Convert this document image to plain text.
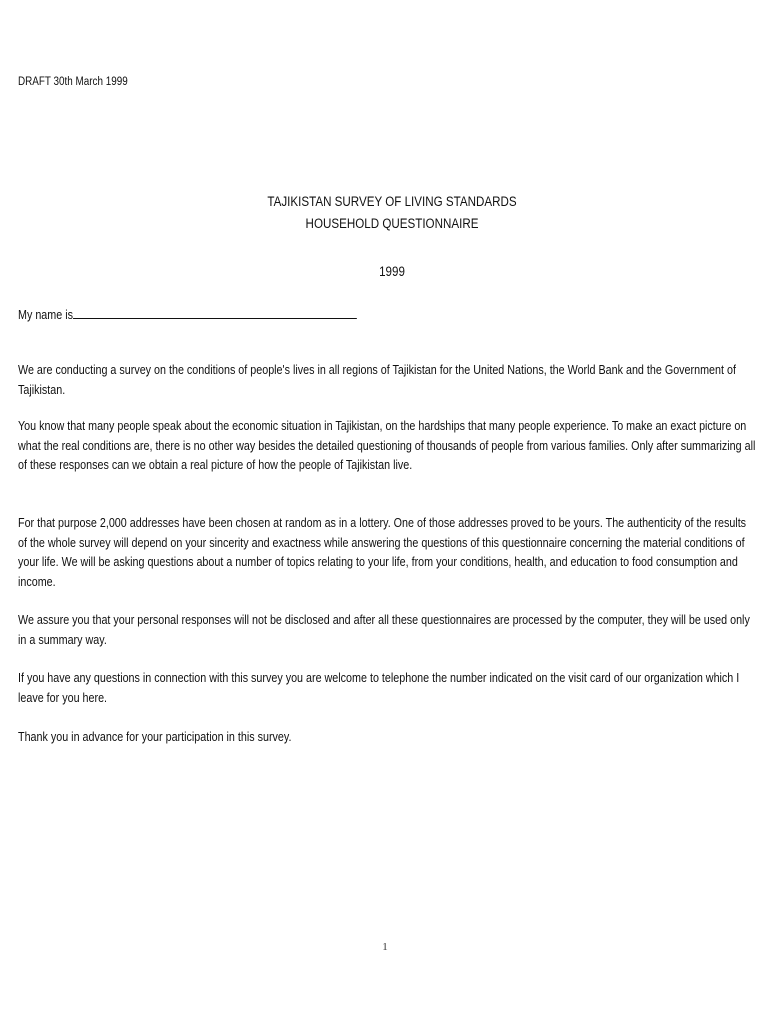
DRAFT 30th March 1999
TAJIKISTAN SURVEY OF LIVING STANDARDS
HOUSEHOLD QUESTIONNAIRE
1999
My name is
We are conducting a survey on the conditions of people's lives in all regions of Tajikistan for the United Nations, the World Bank and the Government of Tajikistan.
You know that many people speak about the economic situation in Tajikistan, on the hardships that many people experience. To make an exact picture on what the real conditions are, there is no other way besides the detailed questioning of thousands of people from various families. Only after summarizing all of these responses can we obtain a real picture of how the people of Tajikistan live.
For that purpose 2,000 addresses have been chosen at random as in a lottery. One of those addresses proved to be yours. The authenticity of the results of the whole survey will depend on your sincerity and exactness while answering the questions of this questionnaire concerning the material conditions of your life. We will be asking questions about a number of topics relating to your life, from your conditions, health, and education to food consumption and income.
We assure you that your personal responses will not be disclosed and after all these questionnaires are processed by the computer, they will be used only in a summary way.
If you have any questions in connection with this survey you are welcome to telephone the number indicated on the visit card of our organization which I leave for you here.
Thank you in advance for your participation in this survey.
1
